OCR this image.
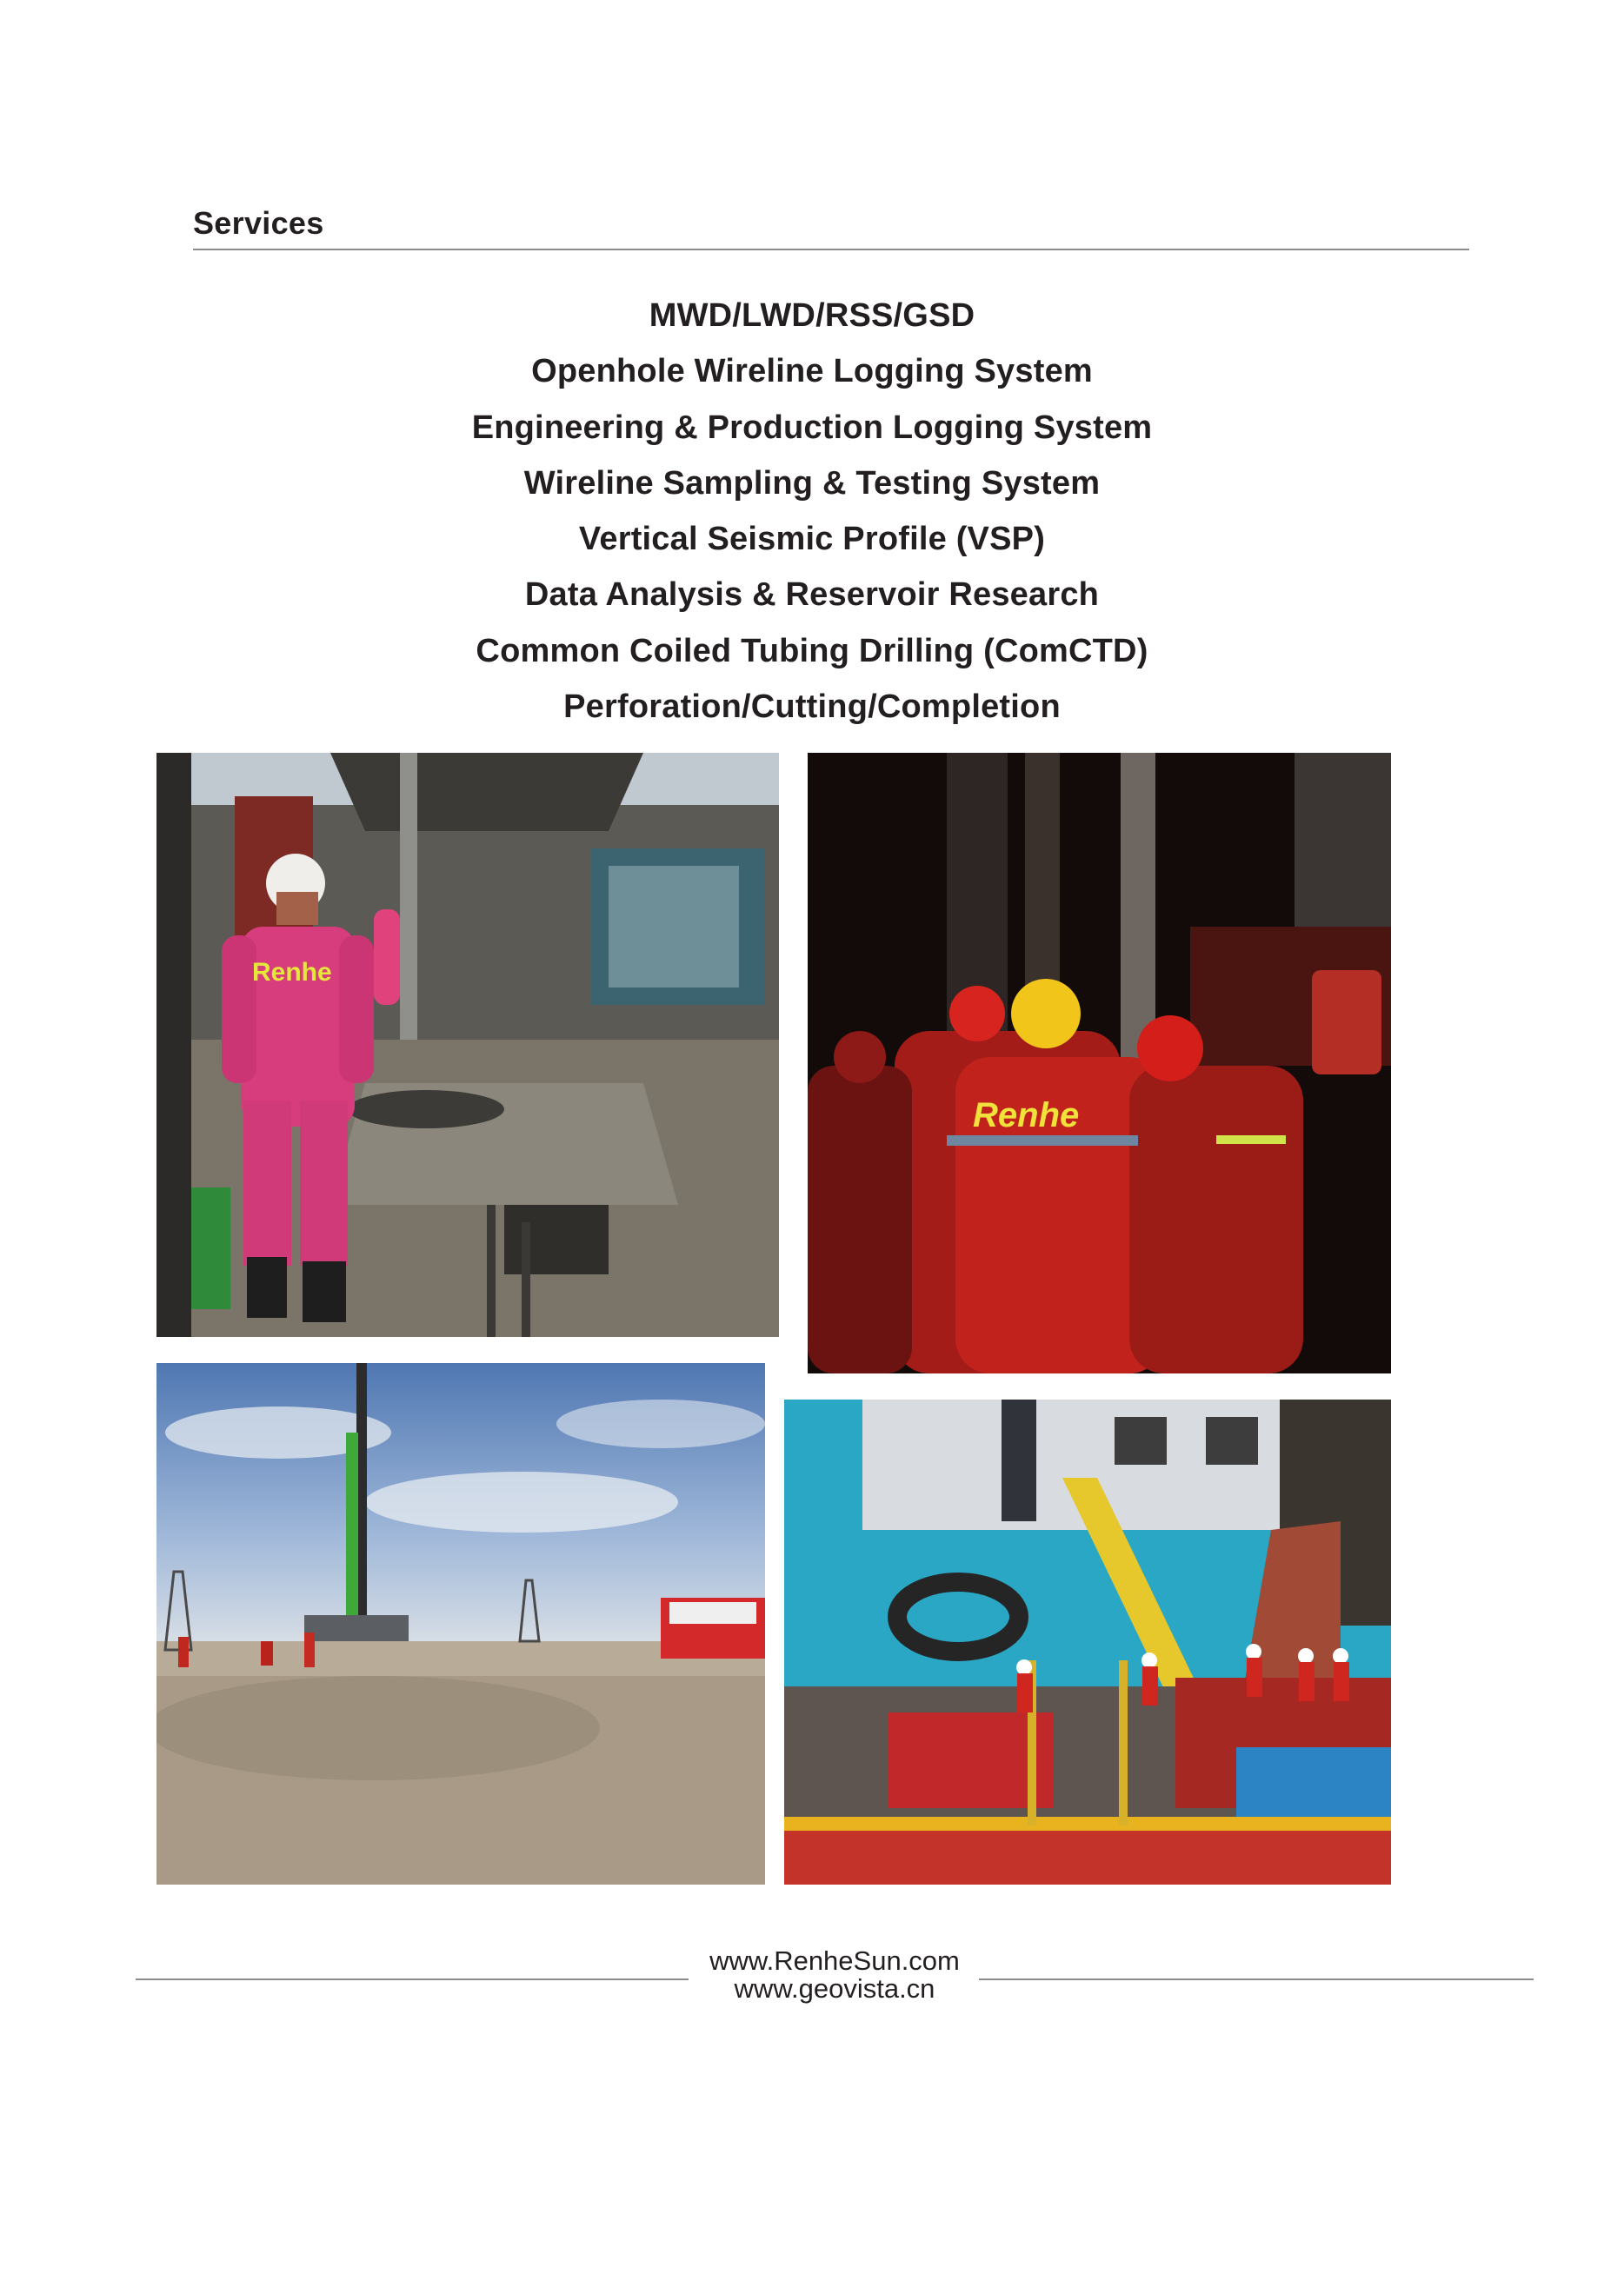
Services
MWD/LWD/RSS/GSD
Openhole Wireline Logging System
Engineering & Production Logging System
Wireline Sampling & Testing System
Vertical Seismic Profile (VSP)
Data Analysis & Reservoir Research
Common Coiled Tubing Drilling (ComCTD)
Perforation/Cutting/Completion
Renhe
Renhe
www.RenheSun.com
www.geovista.cn
